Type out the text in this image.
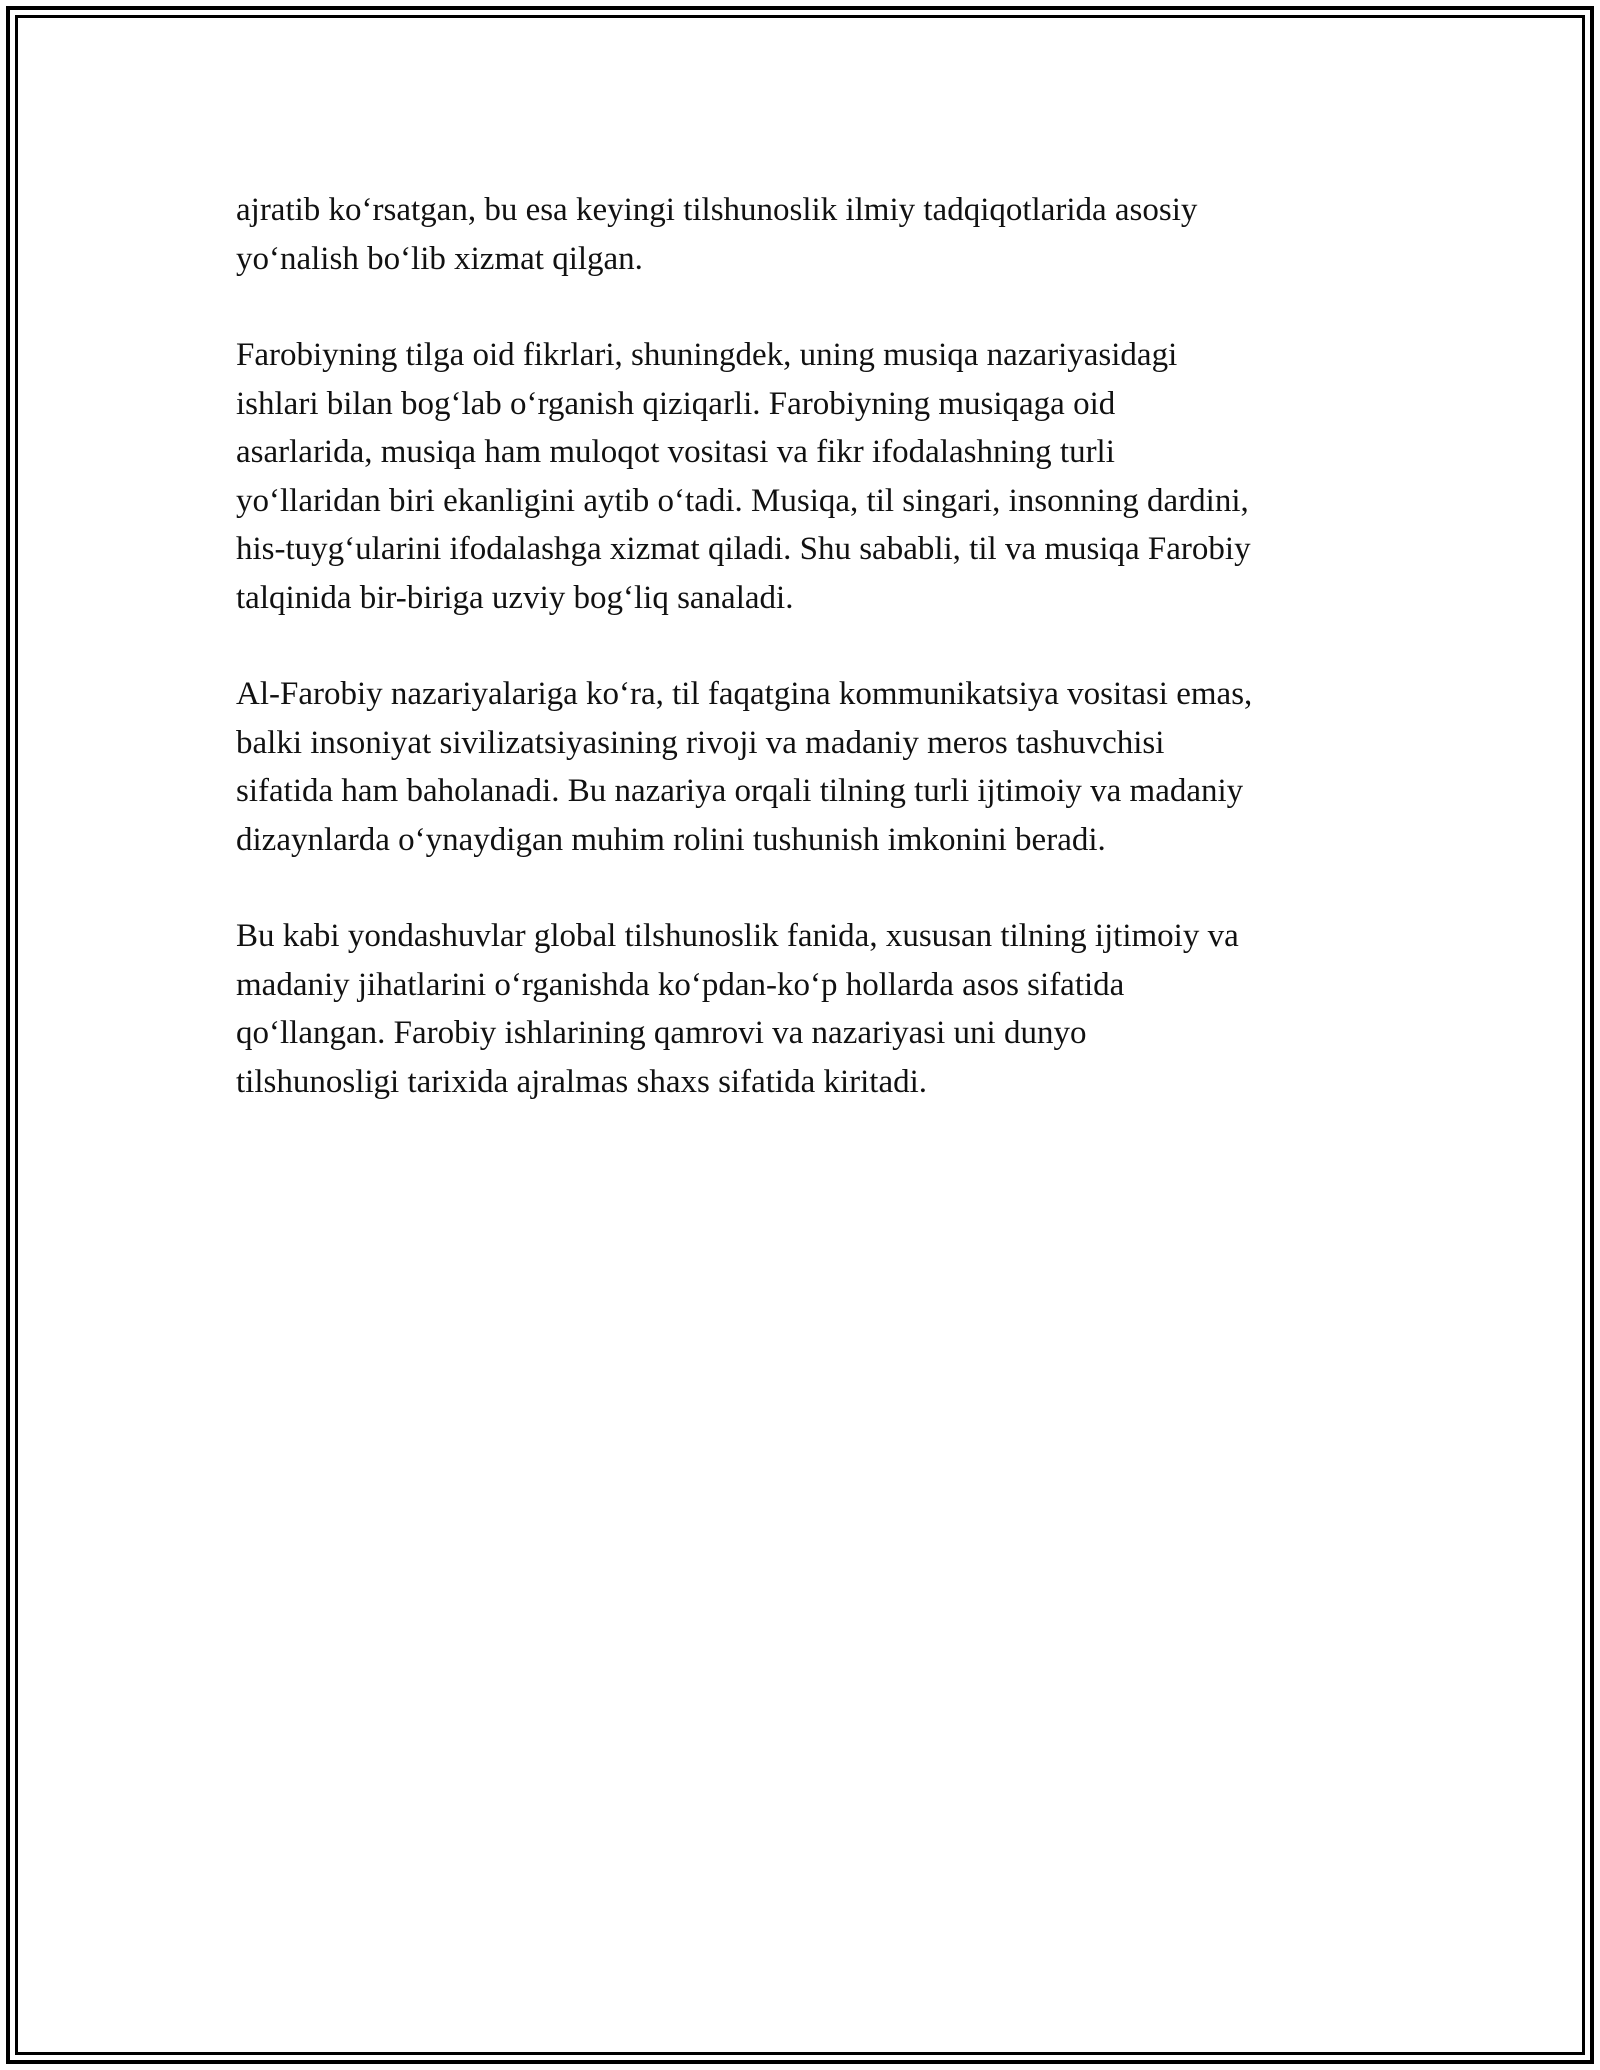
ajratib ko‘rsatgan, bu esa keyingi tilshunoslik ilmiy tadqiqotlarida asosiy
yo‘nalish bo‘lib xizmat qilgan.

Farobiyning tilga oid fikrlari, shuningdek, uning musiqa nazariyasidagi
ishlari bilan bog‘lab o‘rganish qiziqarli. Farobiyning musiqaga oid
asarlarida, musiqa ham muloqot vositasi va fikr ifodalashning turli
yo‘llaridan biri ekanligini aytib o‘tadi. Musiqa, til singari, insonning dardini,
his-tuyg‘ularini ifodalashga xizmat qiladi. Shu sababli, til va musiqa Farobiy
talqinida bir-biriga uzviy bog‘liq sanaladi.

Al-Farobiy nazariyalariga ko‘ra, til faqatgina kommunikatsiya vositasi emas,
balki insoniyat sivilizatsiyasining rivoji va madaniy meros tashuvchisi
sifatida ham baholanadi. Bu nazariya orqali tilning turli ijtimoiy va madaniy
dizaynlarda o‘ynaydigan muhim rolini tushunish imkonini beradi.

Bu kabi yondashuvlar global tilshunoslik fanida, xususan tilning ijtimoiy va
madaniy jihatlarini o‘rganishda ko‘pdan-ko‘p hollarda asos sifatida
qo‘llangan. Farobiy ishlarining qamrovi va nazariyasi uni dunyo
tilshunosligi tarixida ajralmas shaxs sifatida kiritadi.
